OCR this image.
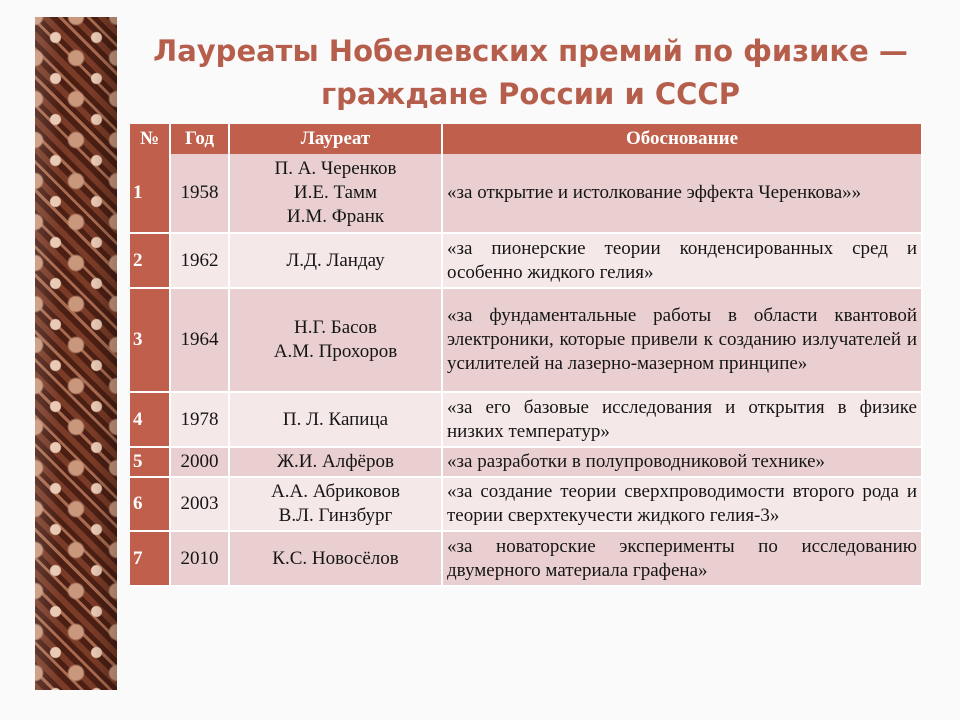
Лауреаты Нобелевских премий по физике —
граждане России и СССР
№	Год	Лауреат	Обоснование
1	1958	П. А. Черенков
И.Е. Тамм
И.М. Франк	«за открытие и истолкование эффекта Черенкова»»
2	1962	Л.Д. Ландау	«за пионерские теории конденсированных сред и особенно жидкого гелия»
3	1964	Н.Г. Басов
А.М. Прохоров	«за фундаментальные работы в области квантовой электроники, которые привели к созданию излучателей и усилителей на лазерно-мазерном принципе»
4	1978	П. Л. Капица	«за его базовые исследования и открытия в физике низких температур»
5	2000	Ж.И. Алфёров	«за разработки в полупроводниковой технике»
6	2003	А.А. Абриковов
В.Л. Гинзбург	«за создание теории сверхпроводимости второго рода и теории сверхтекучести жидкого гелия-3»
7	2010	К.С. Новосёлов	«за новаторские эксперименты по исследованию двумерного материала графена»
